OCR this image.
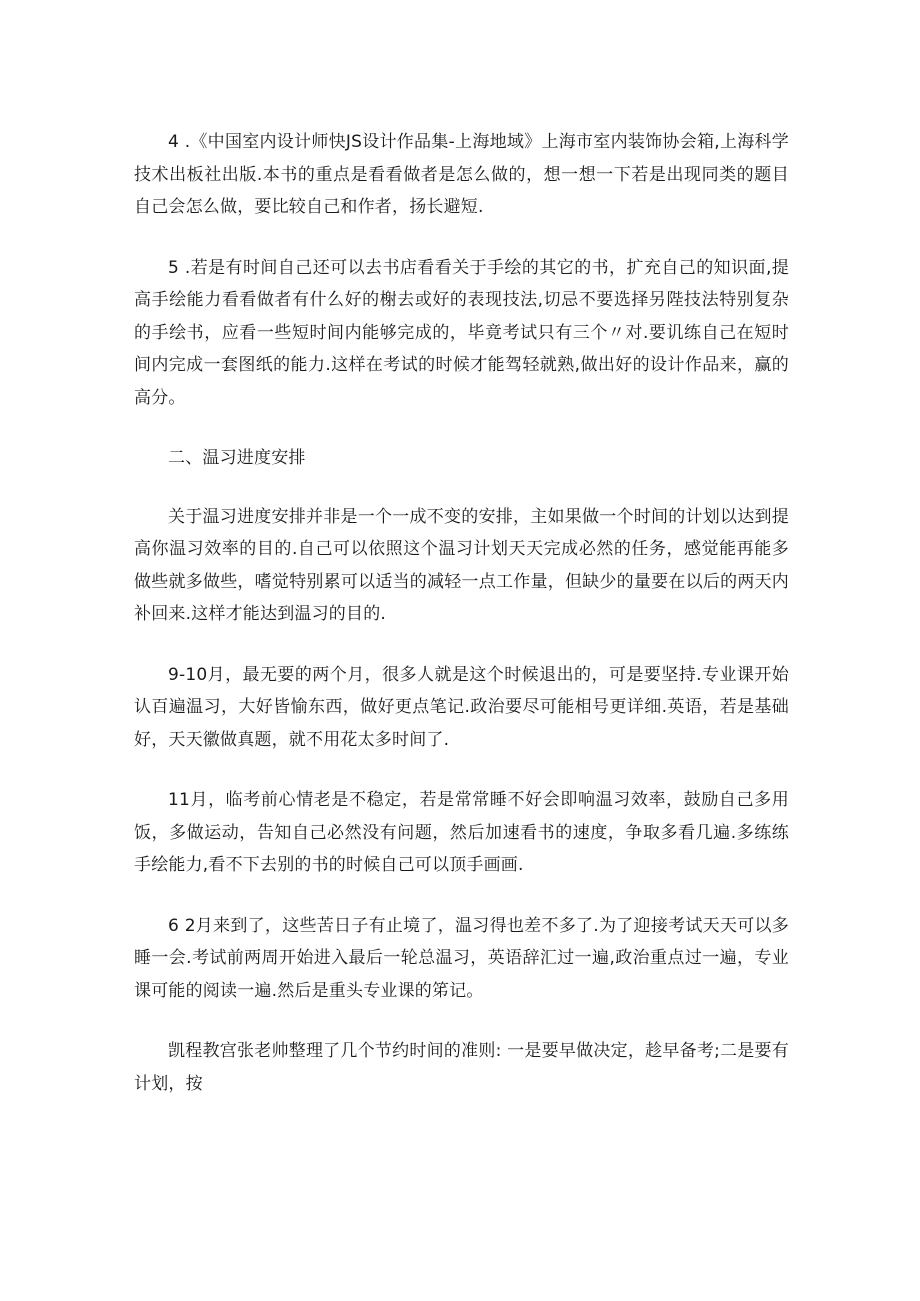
4 .《中国室内设计师快JS设计作品集-上海地域》上海市室内装饰协会箱,上海科学技术出板社出版.本书的重点是看看做者是怎么做的，想一想一下若是出现同类的题目自己会怎么做，要比较自己和作者，扬长避短.

5 .若是有时间自己还可以去书店看看关于手绘的其它的书，扩充自己的知识面,提高手绘能力看看做者有什么好的榭去或好的表现技法,切忌不要选择另陛技法特别复杂的手绘书，应看一些短时间内能够完成的，毕竟考试只有三个〃对.要讥练自己在短时间内完成一套图纸的能力.这样在考试的时候才能驾轻就熟,做出好的设计作品来，赢的高分。

二、温习进度安排

关于温习进度安排并非是一个一成不变的安排，主如果做一个时间的计划以达到提高你温习效率的目的.自己可以依照这个温习计划天天完成必然的任务，感觉能再能多做些就多做些，嗜觉特别累可以适当的减轻一点工作量，但缺少的量要在以后的两天内补回来.这样才能达到温习的目的.

9-10月，最无要的两个月，很多人就是这个时候退出的，可是要坚持.专业课开始认百遍温习，大好皆愉东西，做好更点笔记.政治要尽可能相号更详细.英语，若是基础好，天天徽做真题，就不用花太多时间了.

11月，临考前心情老是不稳定，若是常常睡不好会即响温习效率，鼓励自己多用饭，多做运动，告知自己必然没有问题，然后加速看书的速度，争取多看几遍.多练练手绘能力,看不下去别的书的时候自己可以顶手画画.

6 2月来到了，这些苦日子有止境了，温习得也差不多了.为了迎接考试天天可以多睡一会.考试前两周开始进入最后一轮总温习，英语辞汇过一遍,政治重点过一遍，专业课可能的阅读一遍.然后是重头专业课的笫记。

凯程教宫张老帅整理了几个节约时间的准则: 一是要早做决定，趁早备考;二是要有计划，按
